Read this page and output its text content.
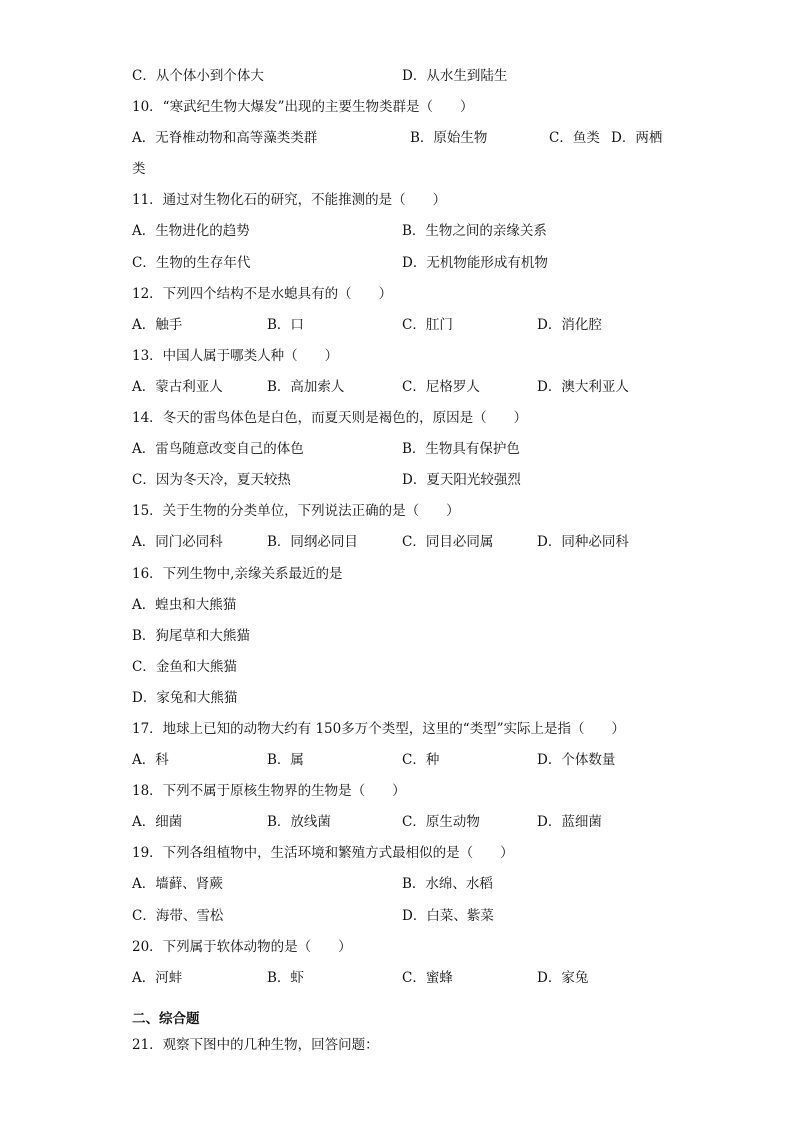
C．从个体小到个体大	D．从水生到陆生
10．“寒武纪生物大爆发”出现的主要生物类群是（　　）
A．无脊椎动物和高等藻类类群	B．原始生物	C．鱼类 D．两栖
类
11．通过对生物化石的研究，不能推测的是（　　）
A．生物进化的趋势	B．生物之间的亲缘关系
C．生物的生存年代	D．无机物能形成有机物
12．下列四个结构不是水螅具有的（　　）
A．触手	B．口	C．肛门	D．消化腔
13．中国人属于哪类人种（　　）
A．蒙古利亚人	B．高加索人	C．尼格罗人	D．澳大利亚人
14．冬天的雷鸟体色是白色，而夏天则是褐色的，原因是（　　）
A．雷鸟随意改变自己的体色	B．生物具有保护色
C．因为冬天冷，夏天较热	D．夏天阳光较强烈
15．关于生物的分类单位，下列说法正确的是（　　）
A．同门必同科	B．同纲必同目	C．同目必同属	D．同种必同科
16．下列生物中,亲缘关系最近的是
A．蝗虫和大熊猫
B．狗尾草和大熊猫
C．金鱼和大熊猫
D．家兔和大熊猫
17．地球上已知的动物大约有 150多万个类型，这里的“类型”实际上是指（　　）
A．科	B．属	C．种	D．个体数量
18．下列不属于原核生物界的生物是（　　）
A．细菌	B．放线菌	C．原生动物	D．蓝细菌
19．下列各组植物中，生活环境和繁殖方式最相似的是（　　）
A．墙藓、肾蕨	B．水绵、水稻
C．海带、雪松	D．白菜、紫菜
20．下列属于软体动物的是（　　）
A．河蚌	B．虾	C．蜜蜂	D．家兔
二、综合题
21．观察下图中的几种生物，回答问题：
